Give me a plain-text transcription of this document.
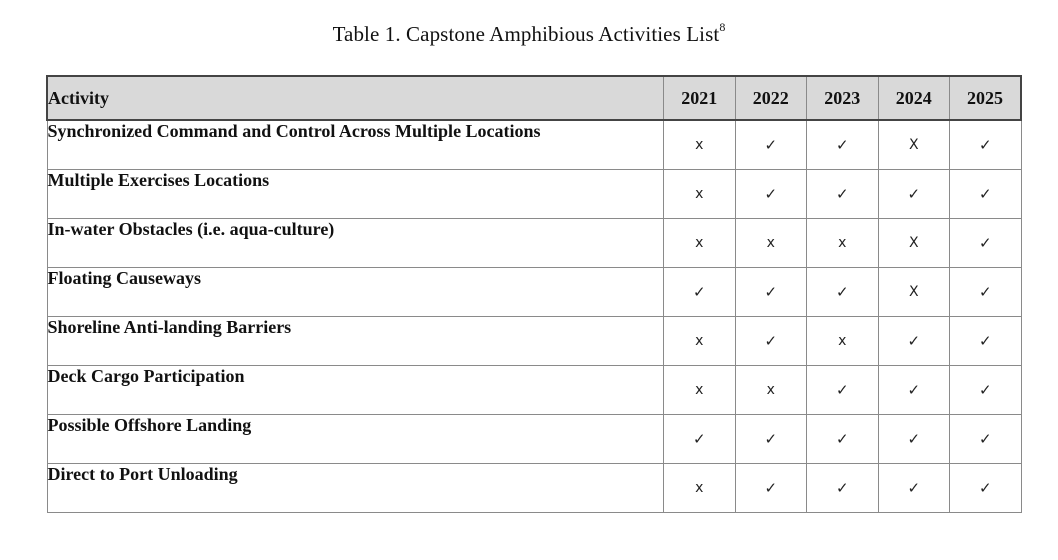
Table 1. Capstone Amphibious Activities List$^8$
Activity	2021	2022	2023	2024	2025
Synchronized Command and Control Across Multiple Locations	x	✓	✓	X	✓
Multiple Exercises Locations	x	✓	✓	✓	✓
In-water Obstacles (i.e. aqua-culture)	x	x	x	X	✓
Floating Causeways	✓	✓	✓	X	✓
Shoreline Anti-landing Barriers	x	✓	x	✓	✓
Deck Cargo Participation	x	x	✓	✓	✓
Possible Offshore Landing	✓	✓	✓	✓	✓
Direct to Port Unloading	x	✓	✓	✓	✓
